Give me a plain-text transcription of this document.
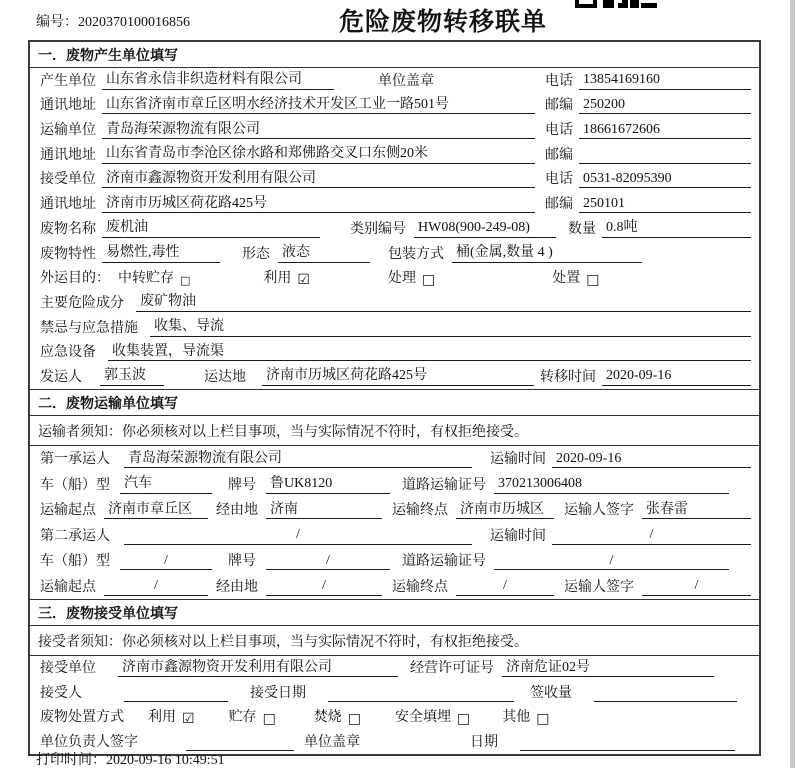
编号：2020370100016856	危险废物转移联单
一．废物产生单位填写
产生单位 山东省永信非织造材料有限公司	单位盖章	电话 13854169160
通讯地址 山东省济南市章丘区明水经济技术开发区工业一路501号	邮编 250200
运输单位 青岛海荣源物流有限公司	电话 18661672606
通讯地址 山东省青岛市李沧区徐水路和郑佛路交叉口东侧20米	邮编
接受单位 济南市鑫源物资开发利用有限公司	电话 0531-82095390
通讯地址 济南市历城区荷花路425号	邮编 250101
废物名称 废机油	类别编号 HW08(900-249-08)	数量 0.8吨
废物特性 易燃性,毒性	形态 液态	包装方式 桶(金属,数量 4 )
外运目的： 中转贮存 □	利用 ☑	处理 □	处置 □
主要危险成分 废矿物油
禁忌与应急措施 收集、导流
应急设备 收集装置，导流渠
发运人 郭玉波	运达地 济南市历城区荷花路425号	转移时间 2020-09-16
二．废物运输单位填写
运输者须知：你必须核对以上栏目事项，当与实际情况不符时，有权拒绝接受。
第一承运人 青岛海荣源物流有限公司	运输时间 2020-09-16
车（船）型 汽车	牌号 鲁UK8120	道路运输证号 370213006408
运输起点 济南市章丘区	经由地 济南	运输终点 济南市历城区	运输人签字 张春雷
第二承运人	/	运输时间	/
车（船）型	/	牌号	/	道路运输证号	/
运输起点	/	经由地	/	运输终点	/	运输人签字	/
三．废物接受单位填写
接受者须知：你必须核对以上栏目事项，当与实际情况不符时，有权拒绝接受。
接受单位 济南市鑫源物资开发利用有限公司	经营许可证号 济南危证02号
接受人	接受日期	签收量
废物处置方式 利用 ☑ 贮存 □	焚烧 □ 安全填埋 □ 其他 □
单位负责人签字	单位盖章	日期
打印时间：2020-09-16 10:49:51
